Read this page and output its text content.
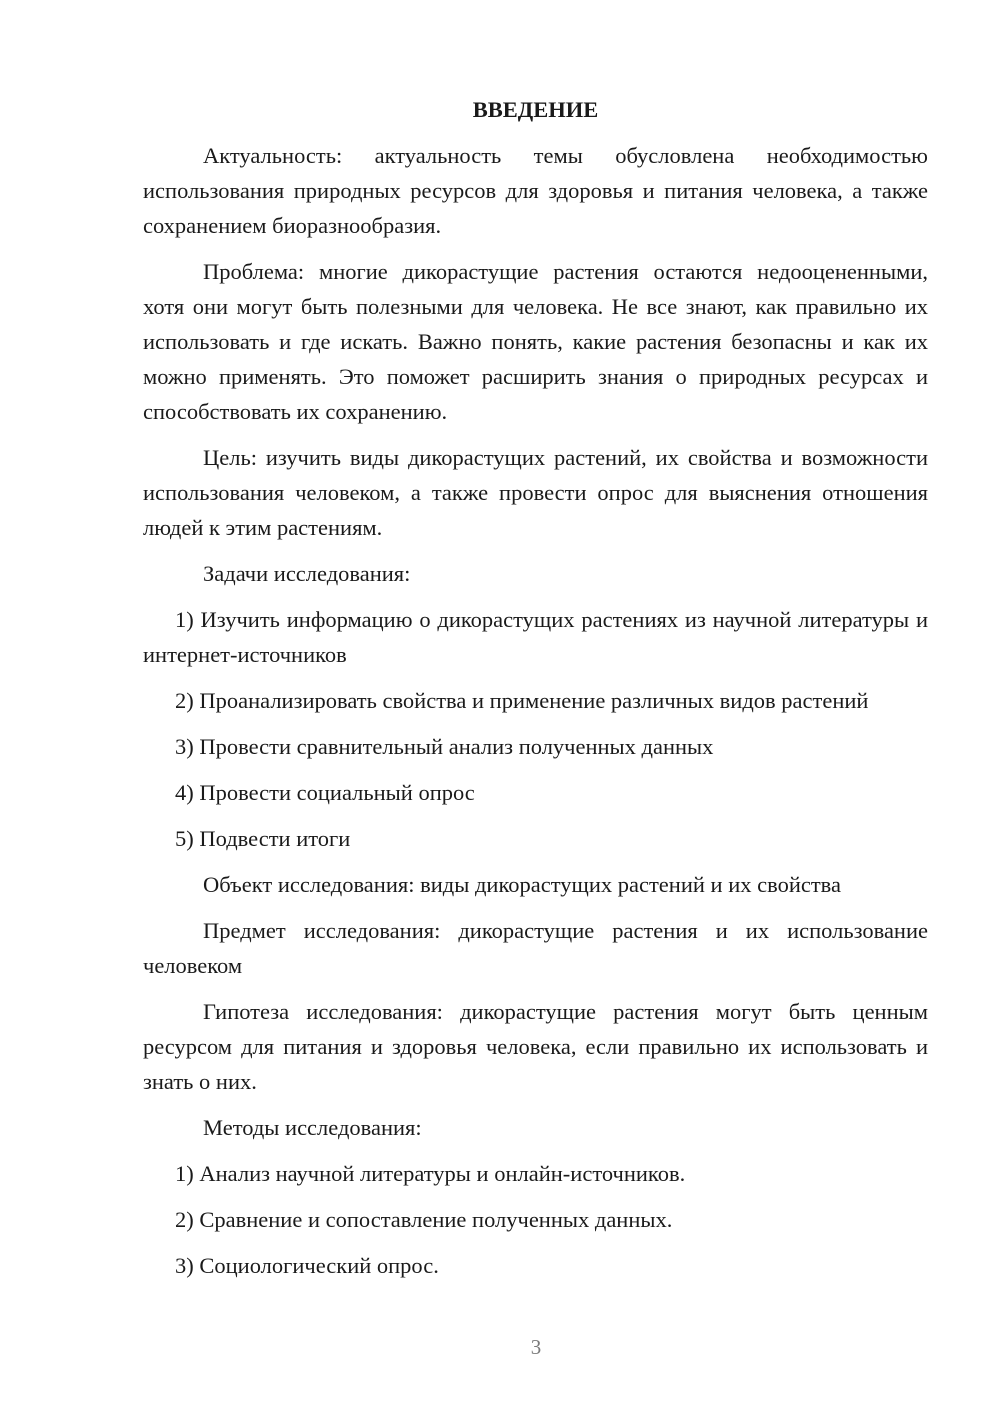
ВВЕДЕНИЕ

Актуальность: актуальность темы обусловлена необходимостью использования природных ресурсов для здоровья и питания человека, а также сохранением биоразнообразия.

Проблема: многие дикорастущие растения остаются недооцененными, хотя они могут быть полезными для человека. Не все знают, как правильно их использовать и где искать. Важно понять, какие растения безопасны и как их можно применять. Это поможет расширить знания о природных ресурсах и способствовать их сохранению.

Цель: изучить виды дикорастущих растений, их свойства и возможности использования человеком, а также провести опрос для выяснения отношения людей к этим растениям.

Задачи исследования:

1) Изучить информацию о дикорастущих растениях из научной литературы и интернет-источников

2) Проанализировать свойства и применение различных видов растений

3) Провести сравнительный анализ полученных данных

4) Провести социальный опрос

5) Подвести итоги

Объект исследования: виды дикорастущих растений и их свойства

Предмет исследования: дикорастущие растения и их использование человеком

Гипотеза исследования: дикорастущие растения могут быть ценным ресурсом для питания и здоровья человека, если правильно их использовать и знать о них.

Методы исследования:

1) Анализ научной литературы и онлайн-источников.

2) Сравнение и сопоставление полученных данных.

3) Социологический опрос.

3
